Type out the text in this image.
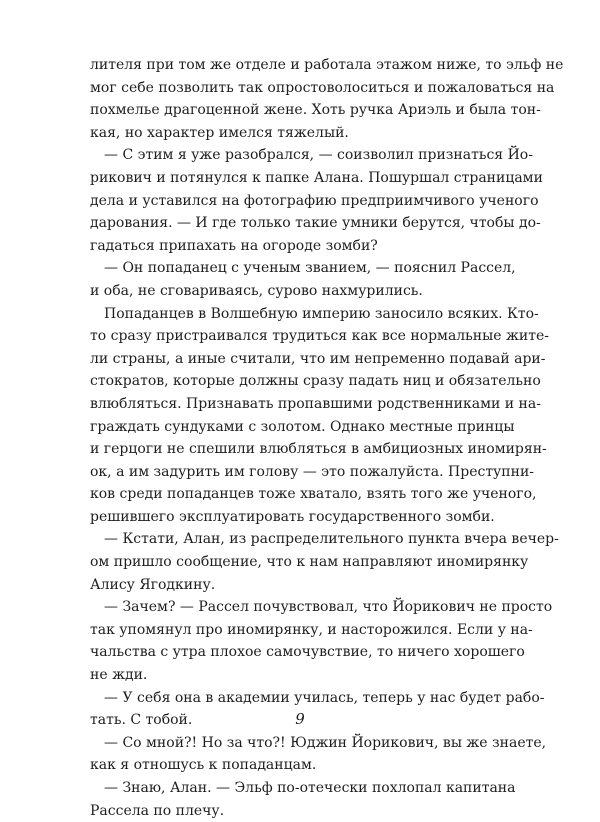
лителя при том же отделе и работала этажом ниже, то эльф не
мог себе позволить так опростоволоситься и пожаловаться на
похмелье драгоценной жене. Хоть ручка Ариэль и была тон-
кая, но характер имелся тяжелый.
— С этим я уже разобрался, — соизволил признаться Йо-
рикович и потянулся к папке Алана. Пошуршал страницами
дела и уставился на фотографию предприимчивого ученого
дарования. — И где только такие умники берутся, чтобы до-
гадаться припахать на огороде зомби?
— Он попаданец с ученым званием, — пояснил Рассел,
и оба, не сговариваясь, сурово нахмурились.
Попаданцев в Волшебную империю заносило всяких. Кто-
то сразу пристраивался трудиться как все нормальные жите-
ли страны, а иные считали, что им непременно подавай ари-
стократов, которые должны сразу падать ниц и обязательно
влюбляться. Признавать пропавшими родственниками и на-
граждать сундуками с золотом. Однако местные принцы
и герцоги не спешили влюбляться в амбициозных иномирян-
ок, а им задурить им голову — это пожалуйста. Преступни-
ков среди попаданцев тоже хватало, взять того же ученого,
решившего эксплуатировать государственного зомби.
— Кстати, Алан, из распределительного пункта вчера вечер-
ом пришло сообщение, что к нам направляют иномирянку
Алису Ягодкину.
— Зачем? — Рассел почувствовал, что Йорикович не просто
так упомянул про иномирянку, и насторожился. Если у на-
чальства с утра плохое самочувствие, то ничего хорошего
не жди.
— У себя она в академии училась, теперь у нас будет рабо-
тать. С тобой.
— Со мной?! Но за что?! Юджин Йорикович, вы же знаете,
как я отношусь к попаданцам.
— Знаю, Алан. — Эльф по-отечески похлопал капитана
Рассела по плечу.
9
